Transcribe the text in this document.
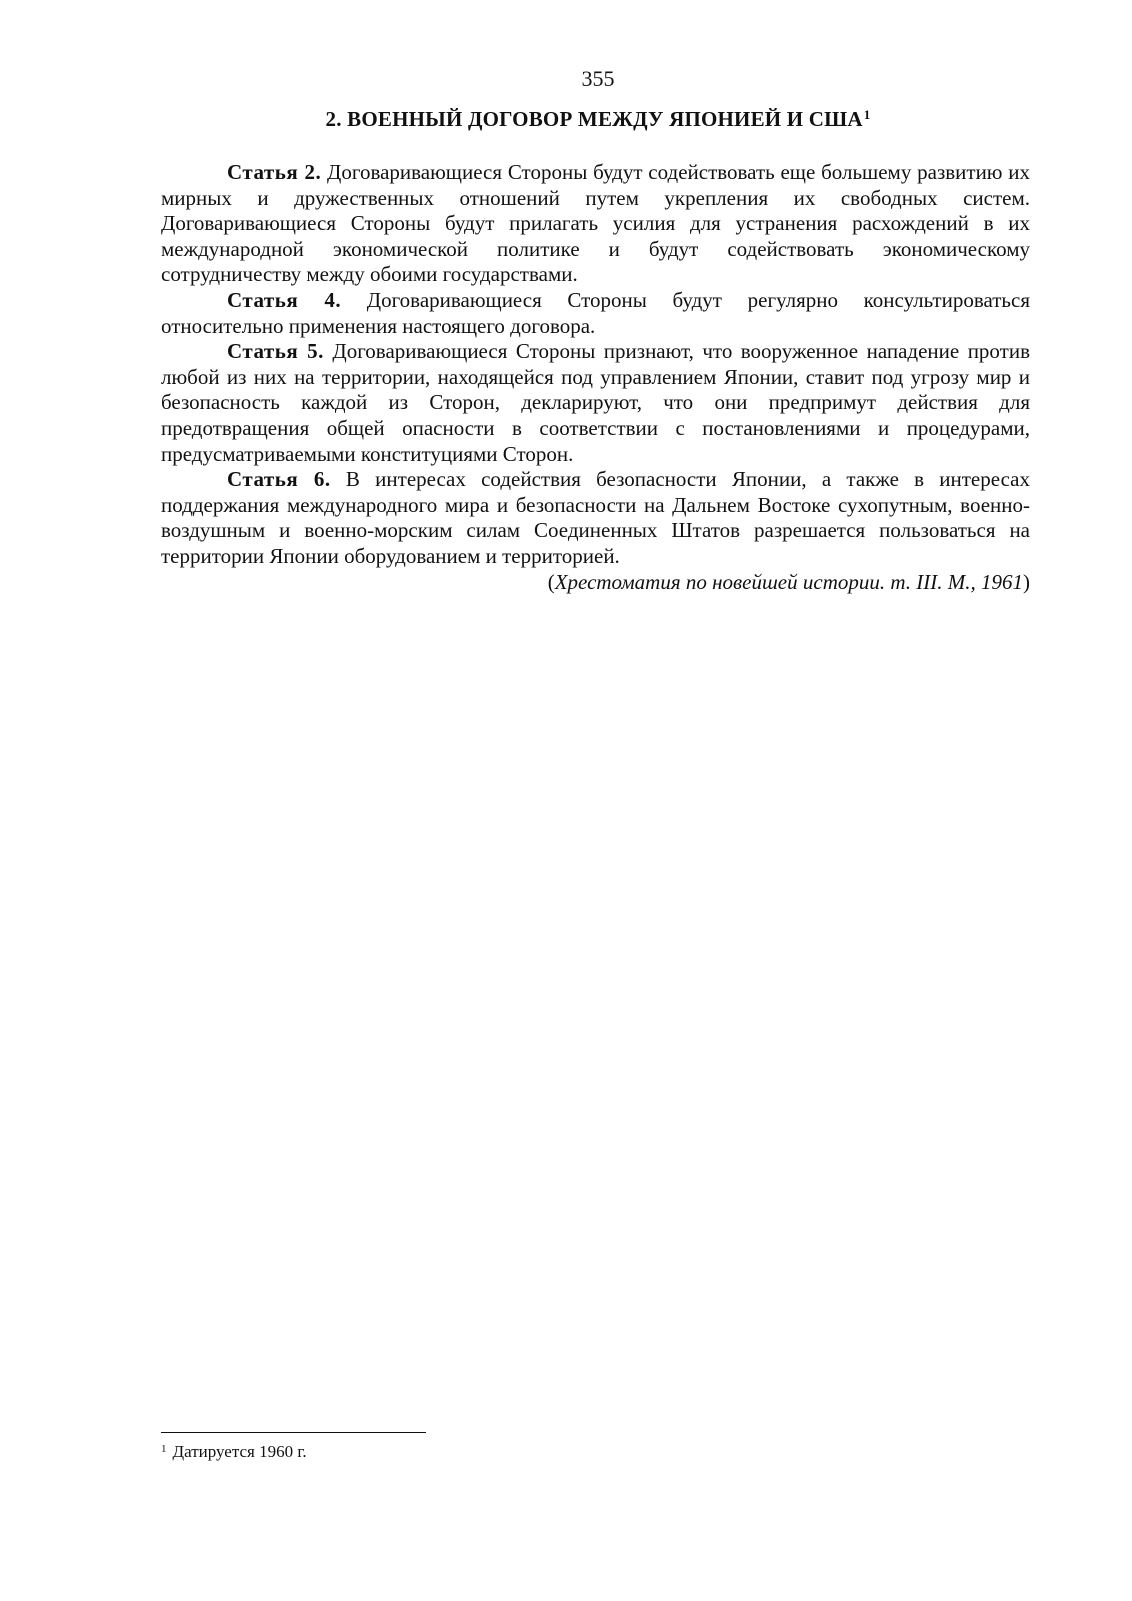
355
2. ВОЕННЫЙ ДОГОВОР МЕЖДУ ЯПОНИЕЙ И США$^1$

Статья 2. Договаривающиеся Стороны будут содействовать еще большему развитию их мирных и дружественных отношений путем укрепления их свободных систем. Договаривающиеся Стороны будут прилагать усилия для устранения расхождений в их международной экономической политике и будут содействовать экономическому сотрудничеству между обоими государствами.

Статья 4. Договаривающиеся Стороны будут регулярно консультироваться относительно применения настоящего договора.

Статья 5. Договаривающиеся Стороны признают, что вооруженное нападение против любой из них на территории, находящейся под управлением Японии, ставит под угрозу мир и безопасность каждой из Сторон, декларируют, что они предпримут действия для предотвращения общей опасности в соответствии с постановлениями и процедурами, предусматриваемыми конституциями Сторон.

Статья 6. В интересах содействия безопасности Японии, а также в интересах поддержания международного мира и безопасности на Дальнем Востоке сухопутным, военно-воздушным и военно-морским силам Соединенных Штатов разрешается пользоваться на территории Японии оборудованием и территорией.

(Хрестоматия по новейшей истории. т. III. М., 1961)

$^1$ Датируется 1960 г.
